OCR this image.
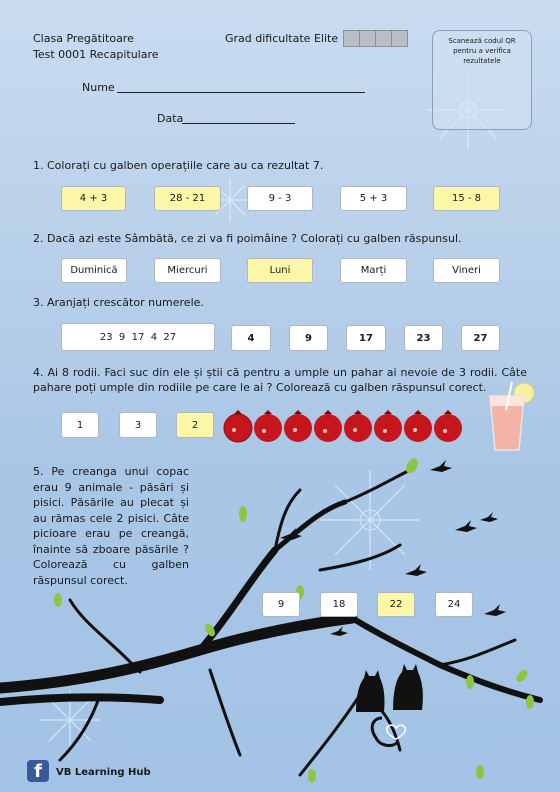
Clasa Pregătitoare
Test 0001 Recapitulare
Grad dificultate Elite	Scanează codul QR pentru a verifica rezultatele
Nume
Data
1. Colorați cu galben operațiile care au ca rezultat 7.
4 + 3	28 - 21	9 - 3	5 + 3	15 - 8
2. Dacă azi este Sâmbătă, ce zi va fi poimâine ? Colorați cu galben răspunsul.
Duminică	Miercuri	Luni	Marți	Vineri
3. Aranjați crescător numerele.
23  9  17  4  27	4	9	17	23	27
4. Ai 8 rodii. Faci suc din ele și știi că pentru a umple un pahar ai nevoie de 3 rodii. Câte pahare poți umple din rodiile pe care le ai ? Colorează cu galben răspunsul corect.
1	3	2
5. Pe creanga unui copac erau 9 animale - păsări și pisici. Păsările au plecat și au rămas cele 2 pisici. Câte picioare erau pe creangă, înainte să zboare păsările ? Colorează cu galben răspunsul corect.
9	18	22	24
f	VB Learning Hub
